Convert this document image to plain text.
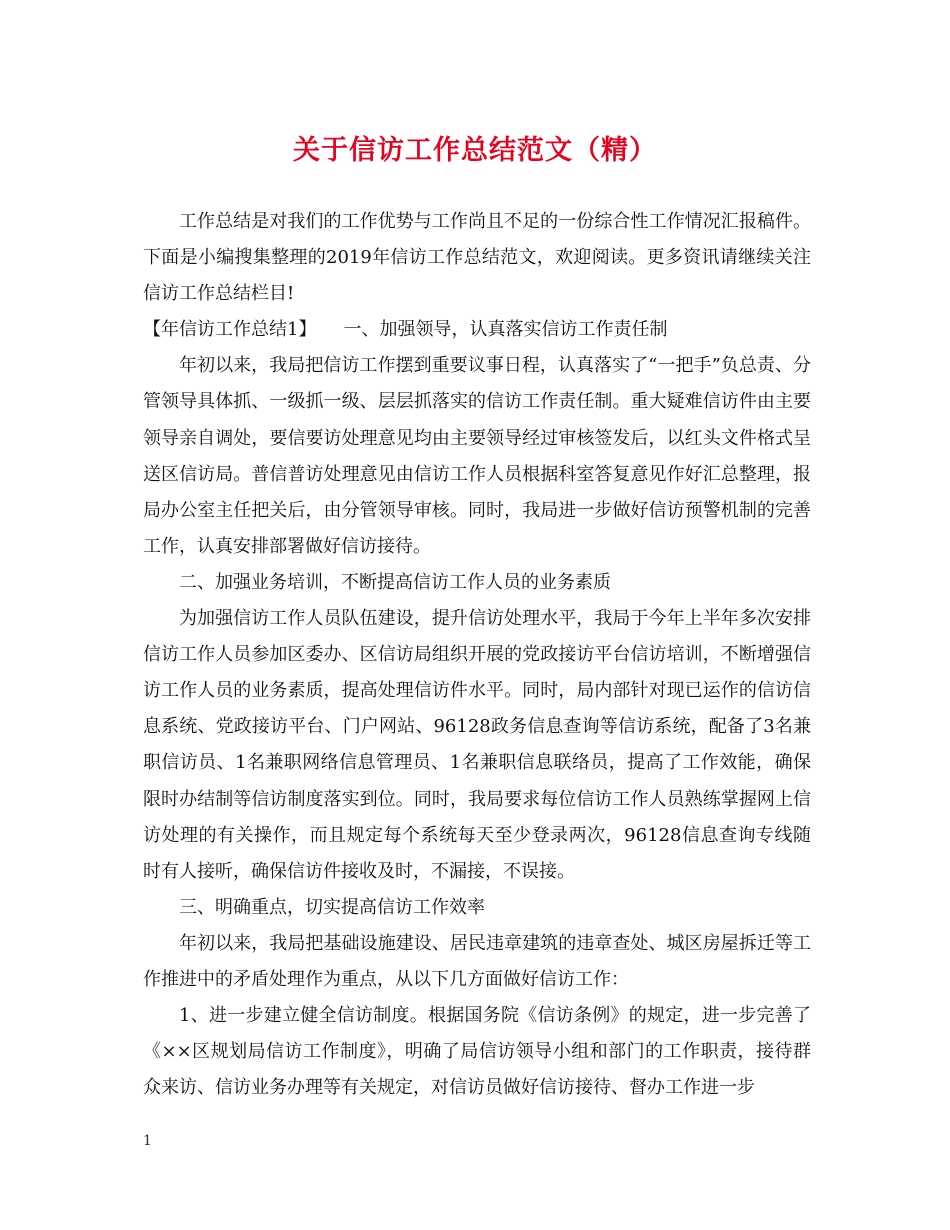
关于信访工作总结范文（精）

工作总结是对我们的工作优势与工作尚且不足的一份综合性工作情况汇报稿件。下面是小编搜集整理的2019年信访工作总结范文，欢迎阅读。更多资讯请继续关注信访工作总结栏目!

【年信访工作总结1】　　一、加强领导，认真落实信访工作责任制

年初以来，我局把信访工作摆到重要议事日程，认真落实了“一把手”负总责、分管领导具体抓、一级抓一级、层层抓落实的信访工作责任制。重大疑难信访件由主要领导亲自调处，要信要访处理意见均由主要领导经过审核签发后，以红头文件格式呈送区信访局。普信普访处理意见由信访工作人员根据科室答复意见作好汇总整理，报局办公室主任把关后，由分管领导审核。同时，我局进一步做好信访预警机制的完善工作，认真安排部署做好信访接待。

二、加强业务培训，不断提高信访工作人员的业务素质

为加强信访工作人员队伍建设，提升信访处理水平，我局于今年上半年多次安排信访工作人员参加区委办、区信访局组织开展的党政接访平台信访培训，不断增强信访工作人员的业务素质，提高处理信访件水平。同时，局内部针对现已运作的信访信息系统、党政接访平台、门户网站、96128政务信息查询等信访系统，配备了3名兼职信访员、1名兼职网络信息管理员、1名兼职信息联络员，提高了工作效能，确保限时办结制等信访制度落实到位。同时，我局要求每位信访工作人员熟练掌握网上信访处理的有关操作，而且规定每个系统每天至少登录两次，96128信息查询专线随时有人接听，确保信访件接收及时，不漏接，不误接。

三、明确重点，切实提高信访工作效率

年初以来，我局把基础设施建设、居民违章建筑的违章查处、城区房屋拆迁等工作推进中的矛盾处理作为重点，从以下几方面做好信访工作：

1、进一步建立健全信访制度。根据国务院《信访条例》的规定，进一步完善了《××区规划局信访工作制度》，明确了局信访领导小组和部门的工作职责，接待群众来访、信访业务办理等有关规定，对信访员做好信访接待、督办工作进一步

1
